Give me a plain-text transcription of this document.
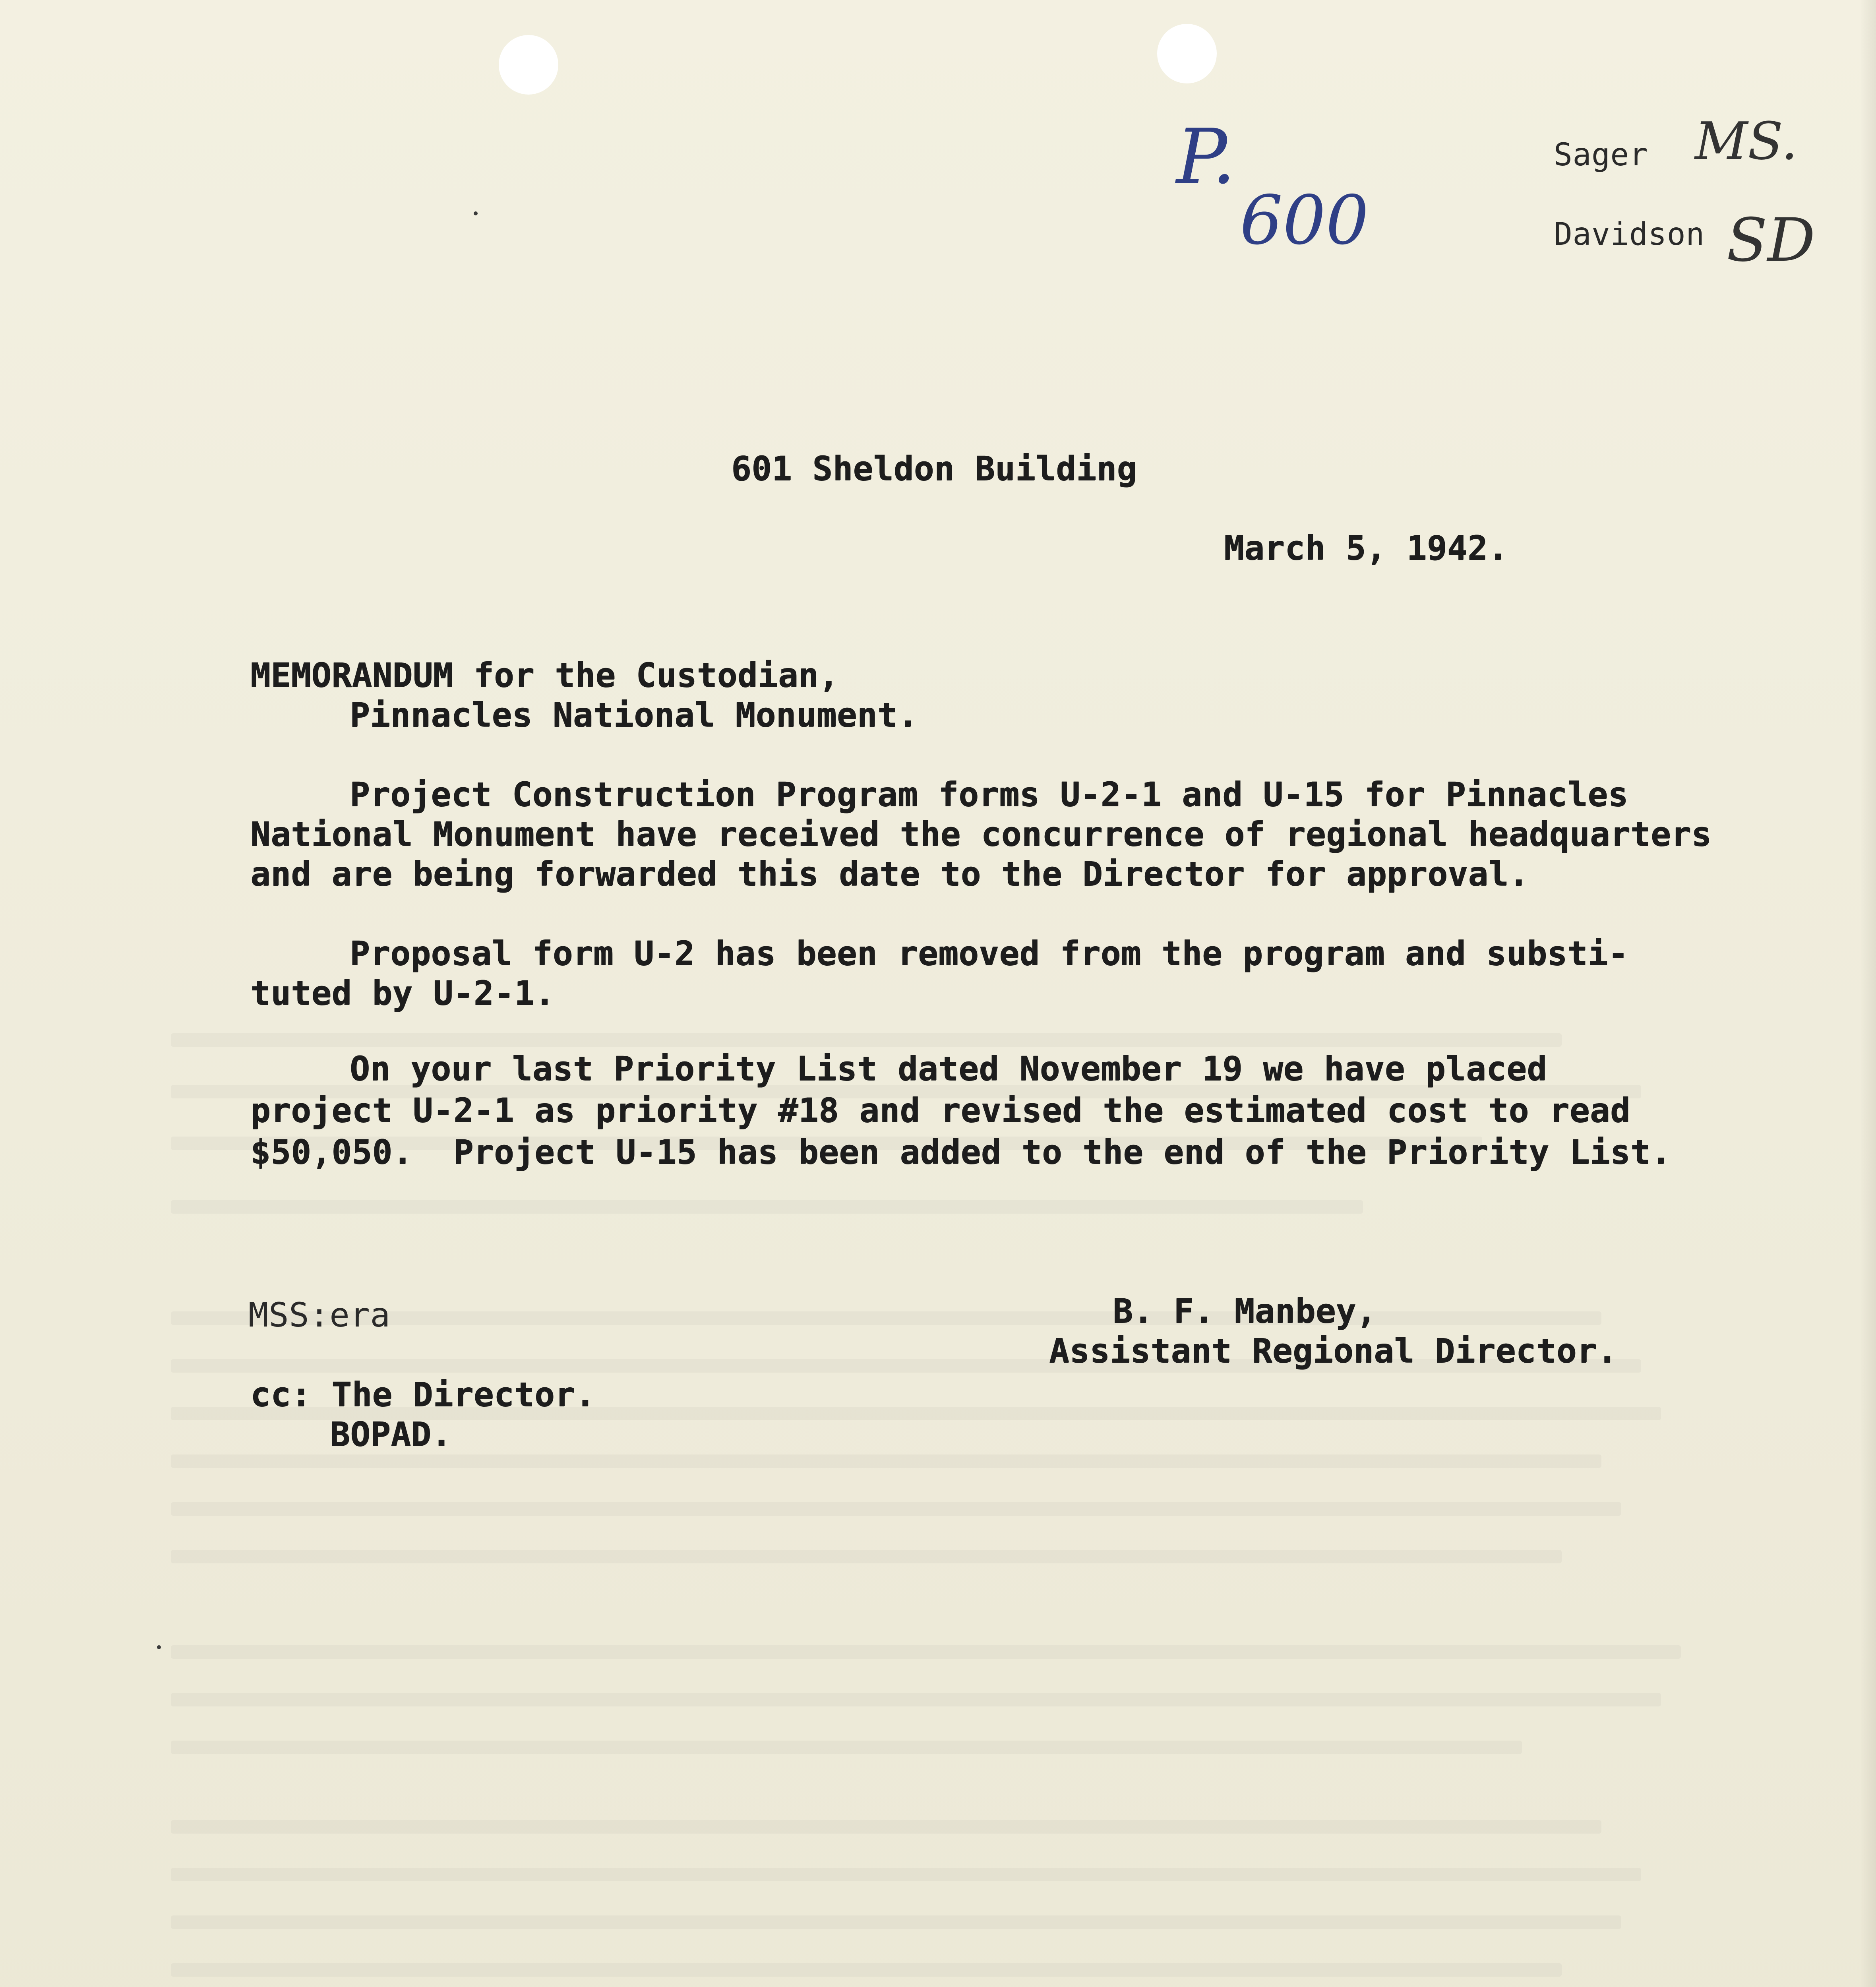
P.

600

Sager MS.

Davidson SD

601 Sheldon Building

March 5, 1942.

MEMORANDUM for the Custodian,

Pinnacles National Monument.

Project Construction Program forms U-2-1 and U-15 for Pinnacles

National Monument have received the concurrence of regional headquarters

and are being forwarded this date to the Director for approval.

Proposal form U-2 has been removed from the program and substi-

tuted by U-2-1.

On your last Priority List dated November 19 we have placed

project U-2-1 as priority #18 and revised the estimated cost to read

$50,050.  Project U-15 has been added to the end of the Priority List.

MSS:era	B. F. Manbey,

Assistant Regional Director.

cc: The Director.

BOPAD.
